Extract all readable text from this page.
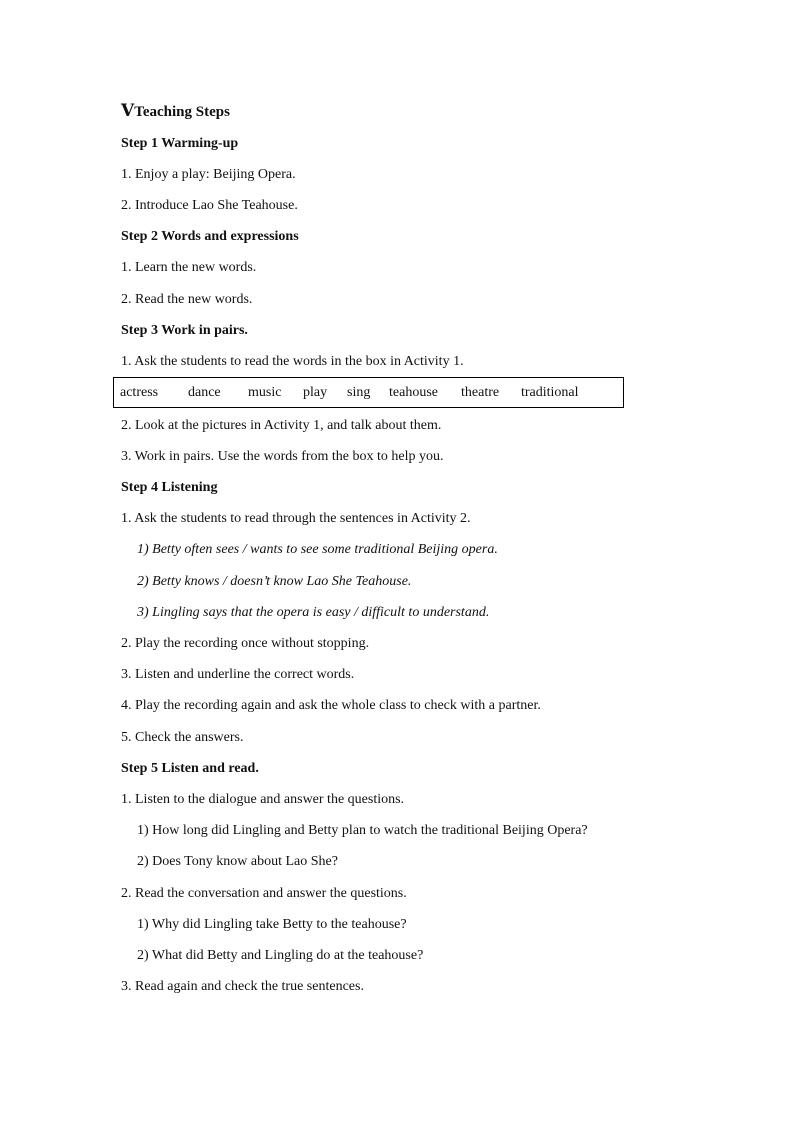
ⅤTeaching Steps
Step 1 Warming-up
1. Enjoy a play: Beijing Opera.
2. Introduce Lao She Teahouse.
Step 2 Words and expressions
1. Learn the new words.
2. Read the new words.
Step 3 Work in pairs.
1. Ask the students to read the words in the box in Activity 1.
actress dance music play sing teahouse theatre traditional
2. Look at the pictures in Activity 1, and talk about them.
3. Work in pairs. Use the words from the box to help you.
Step 4 Listening
1. Ask the students to read through the sentences in Activity 2.
1) Betty often sees / wants to see some traditional Beijing opera.
2) Betty knows / doesn’t know Lao She Teahouse.
3) Lingling says that the opera is easy / difficult to understand.
2. Play the recording once without stopping.
3. Listen and underline the correct words.
4. Play the recording again and ask the whole class to check with a partner.
5. Check the answers.
Step 5 Listen and read.
1. Listen to the dialogue and answer the questions.
1) How long did Lingling and Betty plan to watch the traditional Beijing Opera?
2) Does Tony know about Lao She?
2. Read the conversation and answer the questions.
1) Why did Lingling take Betty to the teahouse?
2) What did Betty and Lingling do at the teahouse?
3. Read again and check the true sentences.
